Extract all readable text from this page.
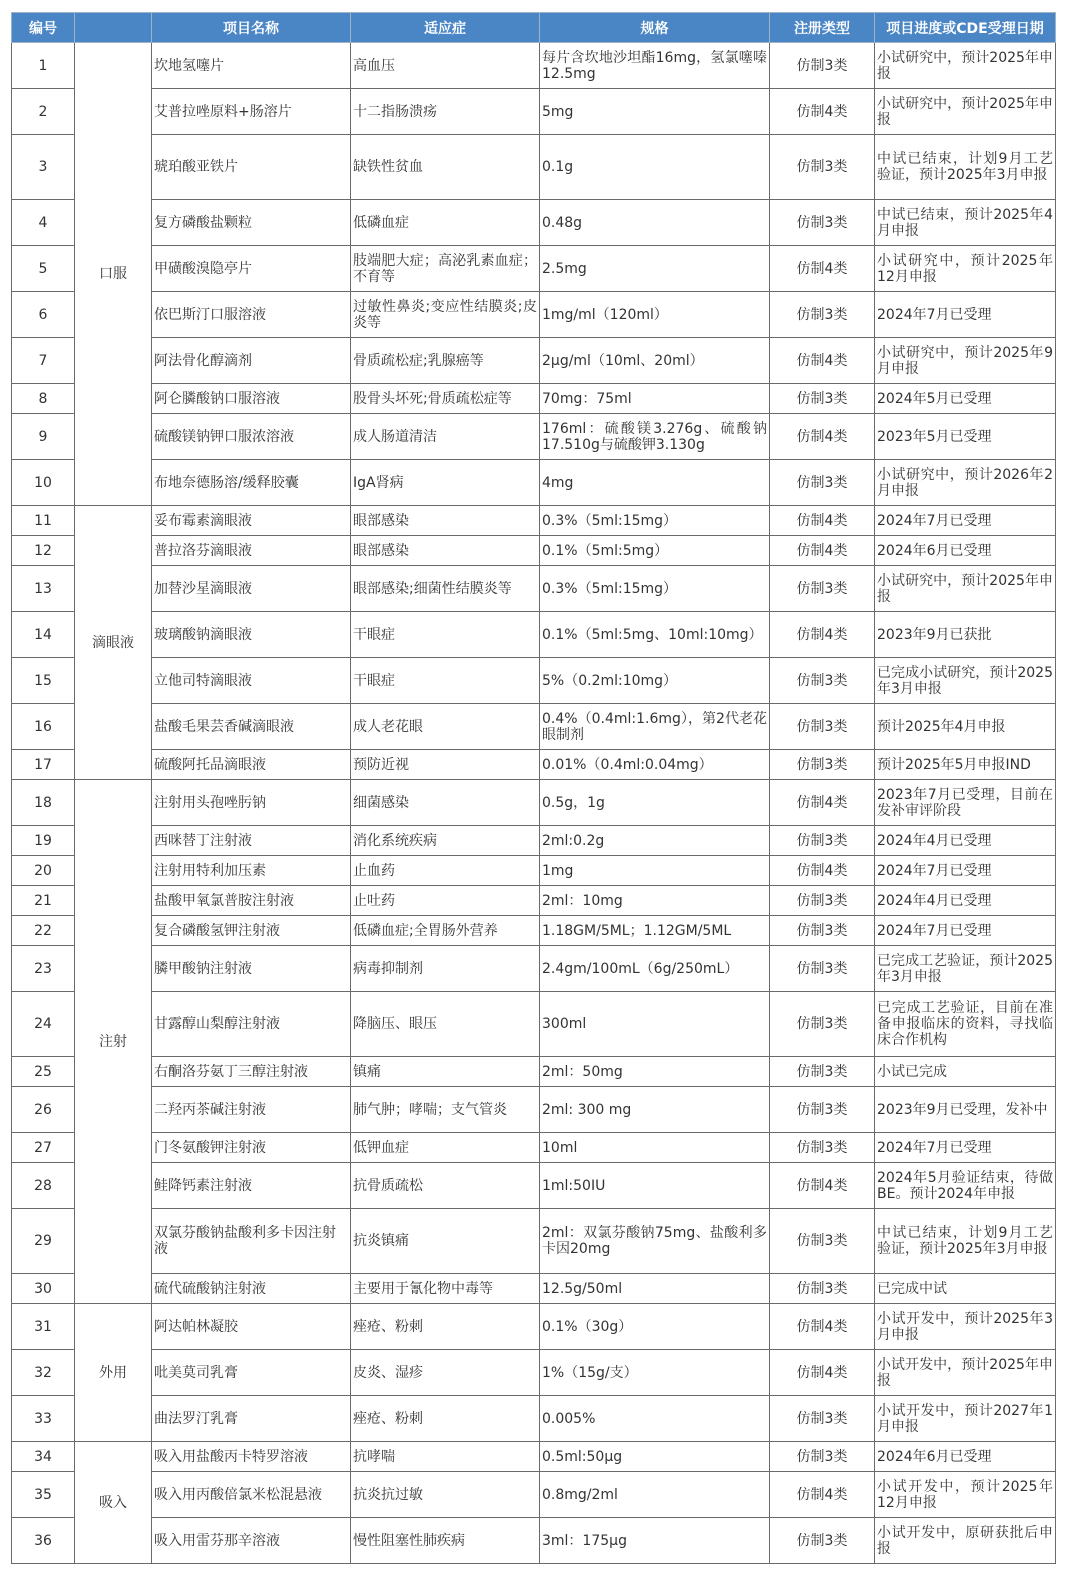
编号		项目名称	适应症	规格	注册类型	项目进度或CDE受理日期
1	口服	坎地氢噻片	高血压	每片含坎地沙坦酯16mg，氢氯噻嗪12.5mg	仿制3类	小试研究中，预计2025年申报
2		艾普拉唑原料+肠溶片	十二指肠溃疡	5mg	仿制4类	小试研究中，预计2025年申报
3		琥珀酸亚铁片	缺铁性贫血	0.1g	仿制3类	中试已结束，计划9月工艺验证，预计2025年3月申报
4		复方磷酸盐颗粒	低磷血症	0.48g	仿制3类	中试已结束，预计2025年4月申报
5		甲磺酸溴隐亭片	肢端肥大症；高泌乳素血症；不育等	2.5mg	仿制4类	小试研究中，预计2025年12月申报
6		依巴斯汀口服溶液	过敏性鼻炎;变应性结膜炎;皮炎等	1mg/ml（120ml）	仿制3类	2024年7月已受理
7		阿法骨化醇滴剂	骨质疏松症;乳腺癌等	2μg/ml（10ml、20ml）	仿制4类	小试研究中，预计2025年9月申报
8		阿仑膦酸钠口服溶液	股骨头坏死;骨质疏松症等	70mg：75ml	仿制3类	2024年5月已受理
9		硫酸镁钠钾口服浓溶液	成人肠道清洁	176ml：硫酸镁3.276g、硫酸钠17.510g与硫酸钾3.130g	仿制4类	2023年5月已受理
10		布地奈德肠溶/缓释胶囊	IgA肾病	4mg	仿制3类	小试研究中，预计2026年2月申报
11	滴眼液	妥布霉素滴眼液	眼部感染	0.3%（5ml:15mg）	仿制4类	2024年7月已受理
12		普拉洛芬滴眼液	眼部感染	0.1%（5ml:5mg）	仿制4类	2024年6月已受理
13		加替沙星滴眼液	眼部感染;细菌性结膜炎等	0.3%（5ml:15mg）	仿制3类	小试研究中，预计2025年申报
14		玻璃酸钠滴眼液	干眼症	0.1%（5ml:5mg、10ml:10mg）	仿制4类	2023年9月已获批
15		立他司特滴眼液	干眼症	5%（0.2ml:10mg）	仿制3类	已完成小试研究，预计2025年3月申报
16		盐酸毛果芸香碱滴眼液	成人老花眼	0.4%（0.4ml:1.6mg），第2代老花眼制剂	仿制3类	预计2025年4月申报
17		硫酸阿托品滴眼液	预防近视	0.01%（0.4ml:0.04mg）	仿制3类	预计2025年5月申报IND
18	注射	注射用头孢唑肟钠	细菌感染	0.5g，1g	仿制4类	2023年7月已受理，目前在发补审评阶段
19		西咪替丁注射液	消化系统疾病	2ml:0.2g	仿制3类	2024年4月已受理
20		注射用特利加压素	止血药	1mg	仿制4类	2024年7月已受理
21		盐酸甲氧氯普胺注射液	止吐药	2ml：10mg	仿制3类	2024年4月已受理
22		复合磷酸氢钾注射液	低磷血症;全胃肠外营养	1.18GM/5ML；1.12GM/5ML	仿制3类	2024年7月已受理
23		膦甲酸钠注射液	病毒抑制剂	2.4gm/100mL（6g/250mL）	仿制3类	已完成工艺验证，预计2025年3月申报
24		甘露醇山梨醇注射液	降脑压、眼压	300ml	仿制3类	已完成工艺验证，目前在准备申报临床的资料，寻找临床合作机构
25		右酮洛芬氨丁三醇注射液	镇痛	2ml：50mg	仿制3类	小试已完成
26		二羟丙茶碱注射液	肺气肿；哮喘；支气管炎	2ml: 300 mg	仿制3类	2023年9月已受理，发补中
27		门冬氨酸钾注射液	低钾血症	10ml	仿制3类	2024年7月已受理
28		鲑降钙素注射液	抗骨质疏松	1ml:50IU	仿制4类	2024年5月验证结束，待做BE。预计2024年申报
29		双氯芬酸钠盐酸利多卡因注射液	抗炎镇痛	2ml：双氯芬酸钠75mg、盐酸利多卡因20mg	仿制3类	中试已结束，计划9月工艺验证，预计2025年3月申报
30		硫代硫酸钠注射液	主要用于氰化物中毒等	12.5g/50ml	仿制3类	已完成中试
31	外用	阿达帕林凝胶	痤疮、粉刺	0.1%（30g）	仿制4类	小试开发中，预计2025年3月申报
32		吡美莫司乳膏	皮炎、湿疹	1%（15g/支）	仿制4类	小试开发中，预计2025年申报
33		曲法罗汀乳膏	痤疮、粉刺	0.005%	仿制3类	小试开发中，预计2027年1月申报
34	吸入	吸入用盐酸丙卡特罗溶液	抗哮喘	0.5ml:50μg	仿制3类	2024年6月已受理
35		吸入用丙酸倍氯米松混悬液	抗炎抗过敏	0.8mg/2ml	仿制4类	小试开发中，预计2025年12月申报
36		吸入用雷芬那辛溶液	慢性阻塞性肺疾病	3ml：175μg	仿制3类	小试开发中，原研获批后申报
